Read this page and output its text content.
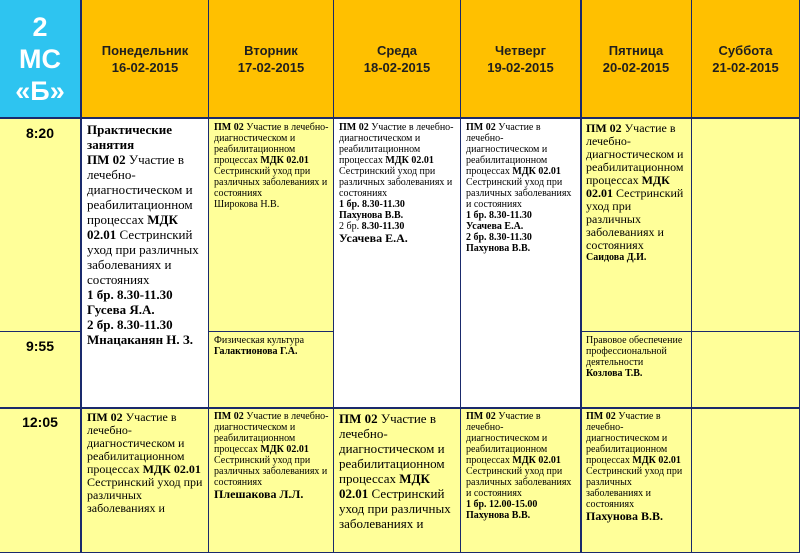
2
МС
«Б»
Понедельник
16-02-2015
Вторник
17-02-2015
Среда
18-02-2015
Четверг
19-02-2015
Пятница
20-02-2015
Суббота
21-02-2015
8:20
9:55
12:05
Практические
занятия
ПМ 02 Участие в лечебно-диагностическом и реабилитационном процессах МДК 02.01 Сестринский уход при различных заболеваниях и состояниях
1 бр. 8.30-11.30
Гусева Я.А.
2 бр. 8.30-11.30
Мнацаканян Н. З.
ПМ 02 Участие в лечебно-диагностическом и реабилитационном процессах МДК 02.01 Сестринский уход при различных заболеваниях и состояниях
Широкова Н.В.
Физическая культура
Галактионова Г.А.
ПМ 02 Участие в лечебно-диагностическом и реабилитационном процессах МДК 02.01 Сестринский уход при различных заболеваниях и состояниях
1 бр. 8.30-11.30
Пахунова В.В.
2 бр. 8.30-11.30
Усачева Е.А.
ПМ 02 Участие в лечебно-диагностическом и реабилитационном процессах МДК 02.01 Сестринский уход при различных заболеваниях и состояниях
1 бр. 8.30-11.30
Усачева Е.А.
2 бр. 8.30-11.30
Пахунова В.В.
ПМ 02 Участие в лечебно-диагностическом и реабилитационном процессах МДК 02.01 Сестринский уход при различных заболеваниях и состояниях
Саидова Д.И.
Правовое обеспечение профессиональной деятельности
Козлова Т.В.
ПМ 02 Участие в лечебно-диагностическом и реабилитационном процессах МДК 02.01 Сестринский уход при различных заболеваниях и
ПМ 02 Участие в лечебно-диагностическом и реабилитационном процессах МДК 02.01 Сестринский уход при различных заболеваниях и состояниях
Плешакова Л.Л.
ПМ 02 Участие в лечебно-диагностическом и реабилитационном процессах МДК 02.01 Сестринский уход при различных заболеваниях и
ПМ 02 Участие в лечебно-диагностическом и реабилитационном процессах МДК 02.01 Сестринский уход при различных заболеваниях и состояниях
1 бр. 12.00-15.00
Пахунова В.В.
ПМ 02 Участие в лечебно-диагностическом и реабилитационном процессах МДК 02.01 Сестринский уход при различных заболеваниях и состояниях
Пахунова В.В.
